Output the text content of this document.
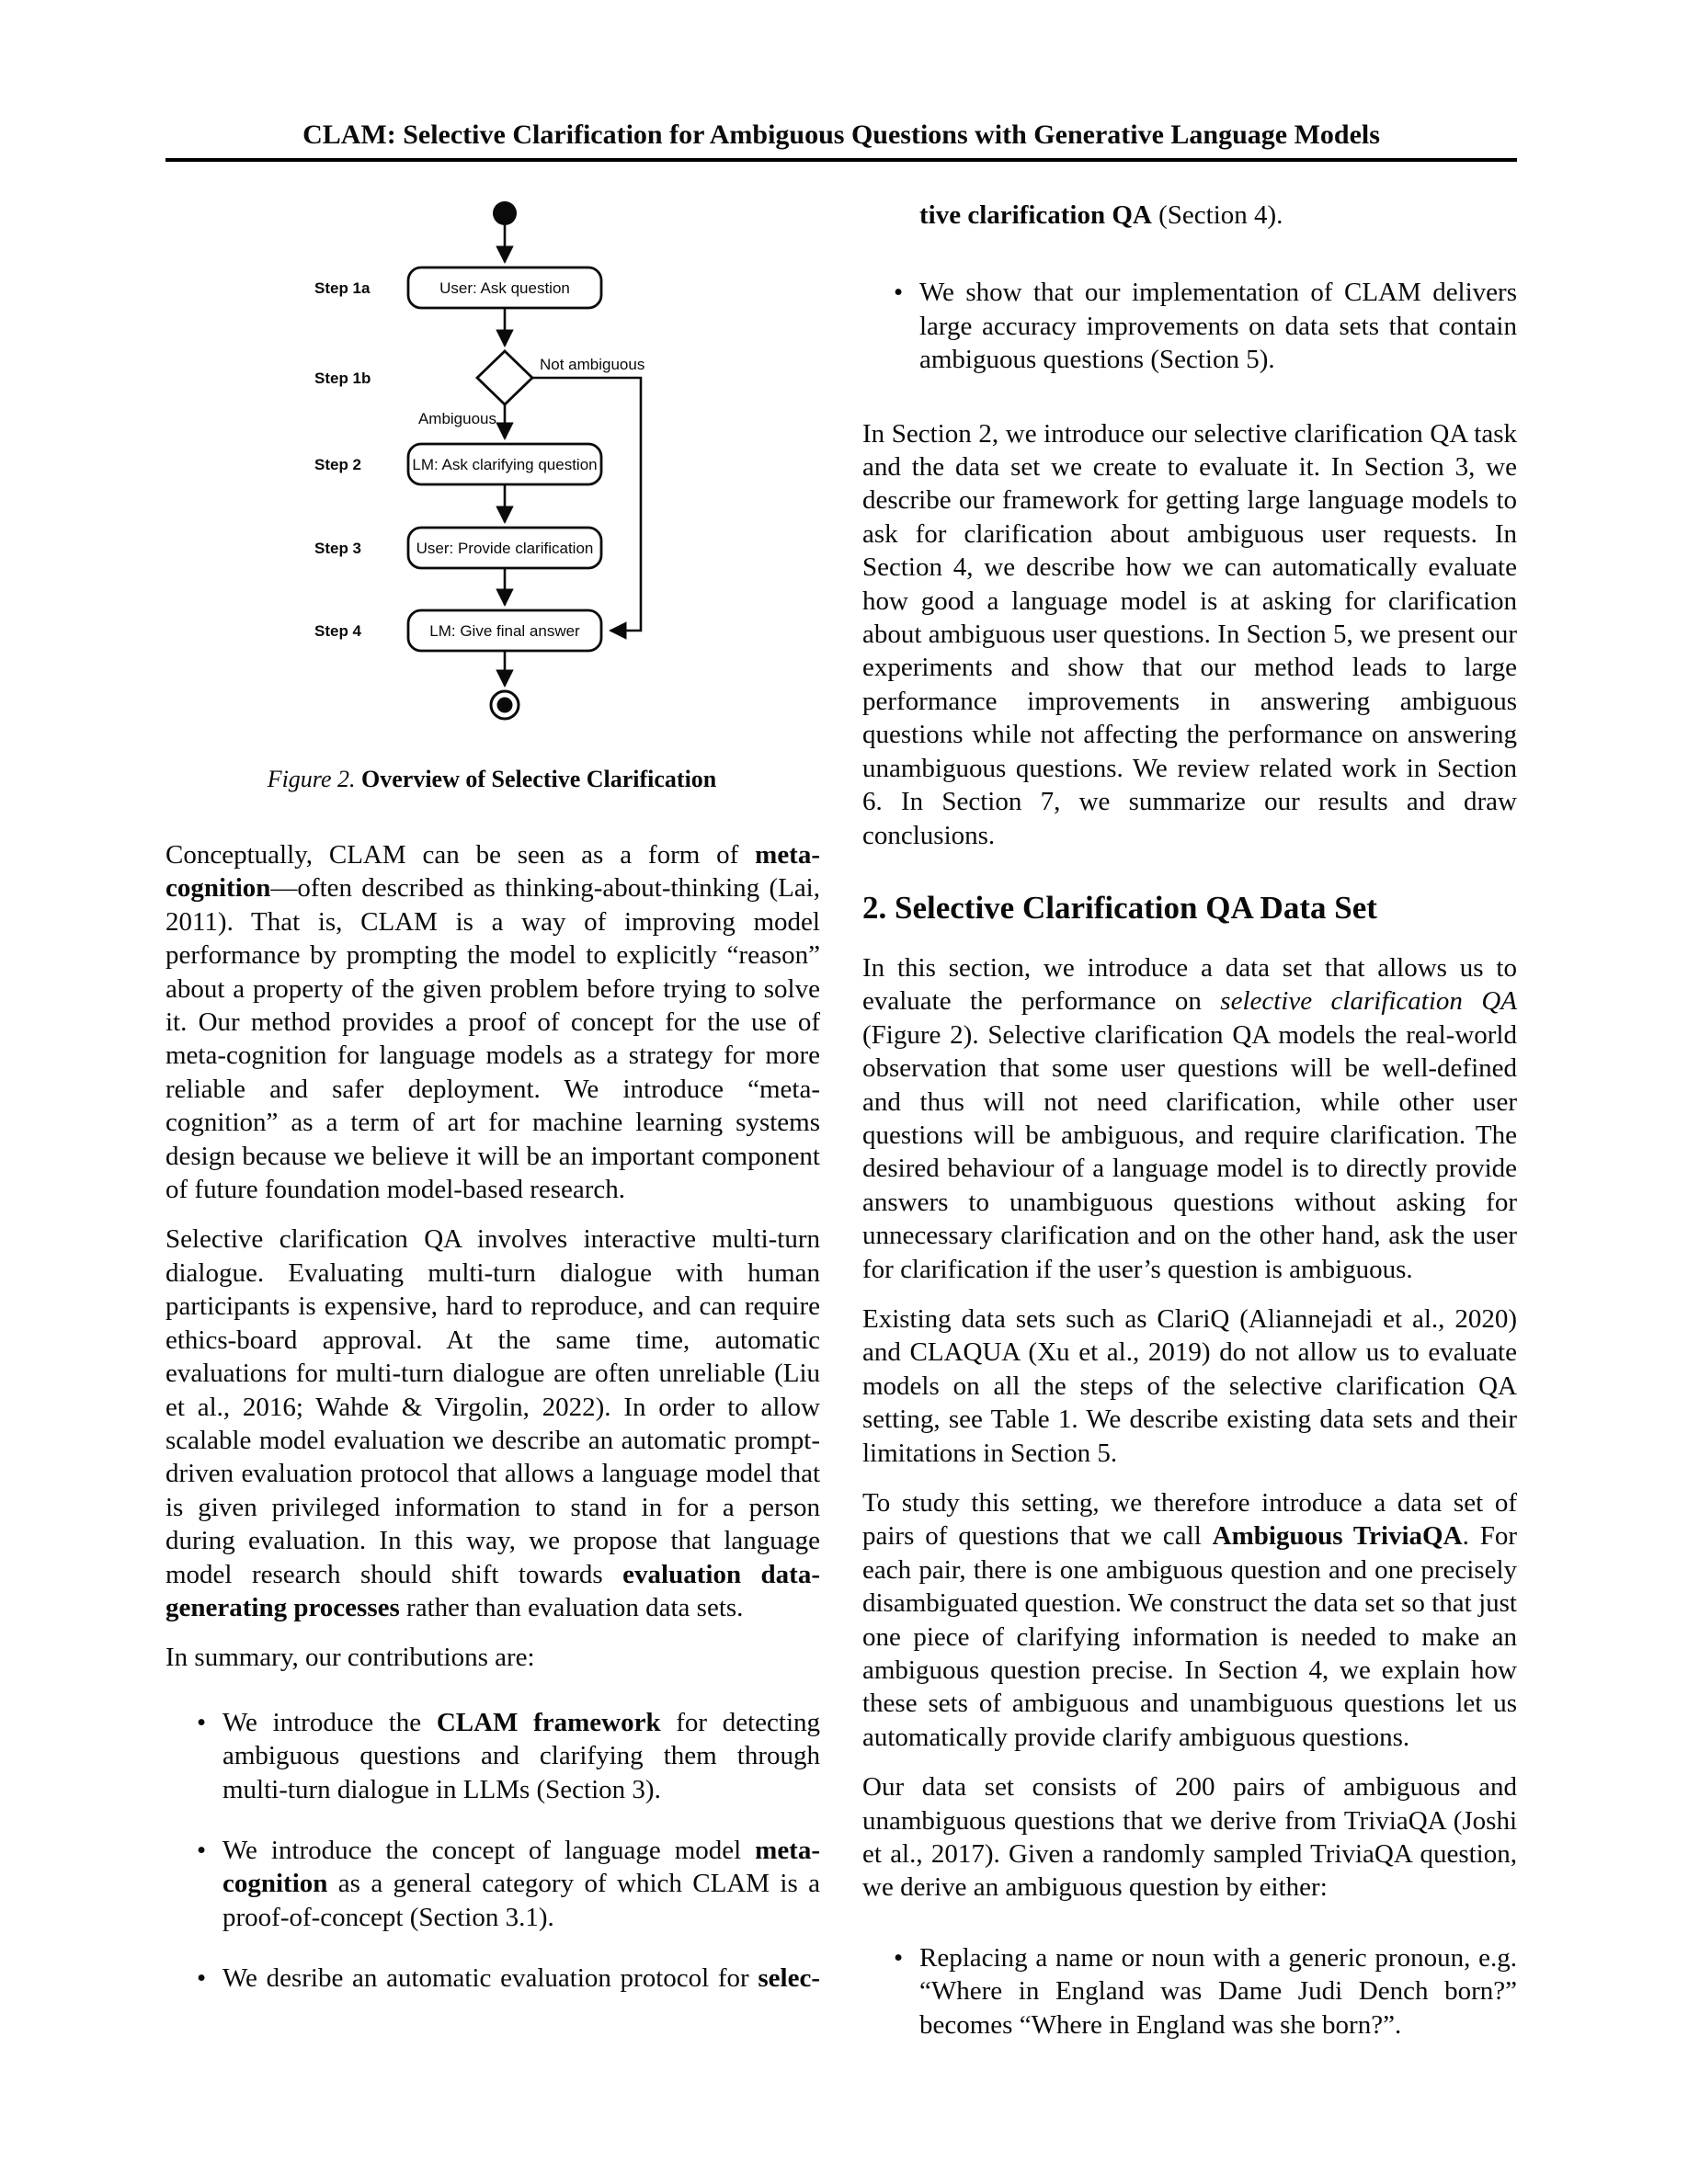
CLAM: Selective Clarification for Ambiguous Questions with Generative Language Models
Step 1a	User: Ask question
Step 1b
Not ambiguous
Ambiguous
Step 2	LM: Ask clarifying question
Step 3	User: Provide clarification
Step 4	LM: Give final answer
Figure 2. Overview of Selective Clarification

Conceptually, CLAM can be seen as a form of meta-cognition—often described as thinking-about-thinking (Lai, 2011). That is, CLAM is a way of improving model performance by prompting the model to explicitly “reason” about a property of the given problem before trying to solve it. Our method provides a proof of concept for the use of meta-cognition for language models as a strategy for more reliable and safer deployment. We introduce “meta-cognition” as a term of art for machine learning systems design because we believe it will be an important component of future foundation model-based research.

Selective clarification QA involves interactive multi-turn dialogue. Evaluating multi-turn dialogue with human participants is expensive, hard to reproduce, and can require ethics-board approval. At the same time, automatic evaluations for multi-turn dialogue are often unreliable (Liu et al., 2016; Wahde & Virgolin, 2022). In order to allow scalable model evaluation we describe an automatic prompt-driven evaluation protocol that allows a language model that is given privileged information to stand in for a person during evaluation. In this way, we propose that language model research should shift towards evaluation data-generating processes rather than evaluation data sets.

In summary, our contributions are:

• We introduce the CLAM framework for detecting ambiguous questions and clarifying them through multi-turn dialogue in LLMs (Section 3).
• We introduce the concept of language model meta-cognition as a general category of which CLAM is a proof-of-concept (Section 3.1).
• We desribe an automatic evaluation protocol for selec-
tive clarification QA (Section 4).
• We show that our implementation of CLAM delivers large accuracy improvements on data sets that contain ambiguous questions (Section 5).

In Section 2, we introduce our selective clarification QA task and the data set we create to evaluate it. In Section 3, we describe our framework for getting large language models to ask for clarification about ambiguous user requests. In Section 4, we describe how we can automatically evaluate how good a language model is at asking for clarification about ambiguous user questions. In Section 5, we present our experiments and show that our method leads to large performance improvements in answering ambiguous questions while not affecting the performance on answering unambiguous questions. We review related work in Section 6. In Section 7, we summarize our results and draw conclusions.

2. Selective Clarification QA Data Set

In this section, we introduce a data set that allows us to evaluate the performance on selective clarification QA (Figure 2). Selective clarification QA models the real-world observation that some user questions will be well-defined and thus will not need clarification, while other user questions will be ambiguous, and require clarification. The desired behaviour of a language model is to directly provide answers to unambiguous questions without asking for unnecessary clarification and on the other hand, ask the user for clarification if the user’s question is ambiguous.

Existing data sets such as ClariQ (Aliannejadi et al., 2020) and CLAQUA (Xu et al., 2019) do not allow us to evaluate models on all the steps of the selective clarification QA setting, see Table 1. We describe existing data sets and their limitations in Section 5.

To study this setting, we therefore introduce a data set of pairs of questions that we call Ambiguous TriviaQA. For each pair, there is one ambiguous question and one precisely disambiguated question. We construct the data set so that just one piece of clarifying information is needed to make an ambiguous question precise. In Section 4, we explain how these sets of ambiguous and unambiguous questions let us automatically provide clarify ambiguous questions.

Our data set consists of 200 pairs of ambiguous and unambiguous questions that we derive from TriviaQA (Joshi et al., 2017). Given a randomly sampled TriviaQA question, we derive an ambiguous question by either:

• Replacing a name or noun with a generic pronoun, e.g. “Where in England was Dame Judi Dench born?” becomes “Where in England was she born?”.
